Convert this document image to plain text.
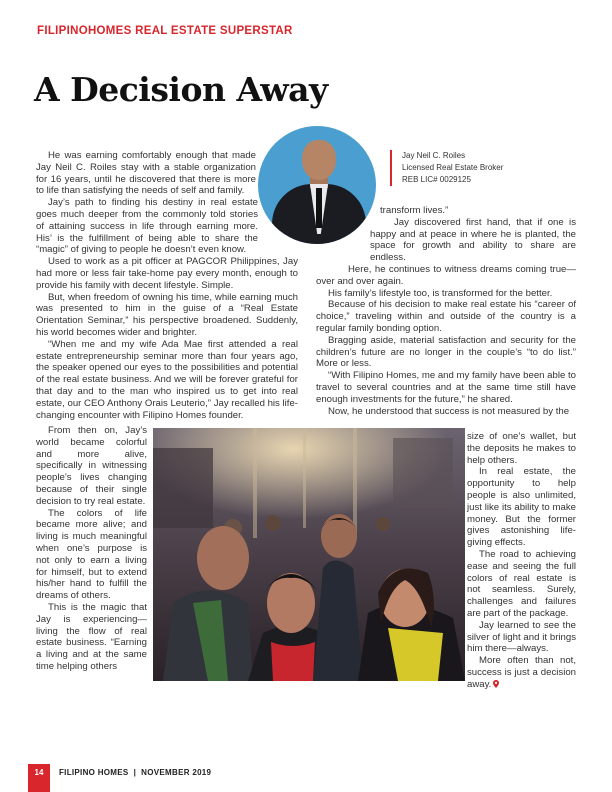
FILIPINOHOMES REAL ESTATE SUPERSTAR
A Decision Away
Jay Neil C. Roiles
Licensed Real Estate Broker
REB LIC# 0029125

He was earning comfortably enough that made Jay Neil C. Roiles stay with a stable organization for 16 years, until he discovered that there is more to life than satisfying the needs of self and family.

Jay’s path to finding his destiny in real estate goes much deeper from the commonly told stories of attaining success in life through earning more. His’ is the fulfillment of being able to share the “magic” of giving to people he doesn’t even know.

Used to work as a pit officer at PAGCOR Philippines, Jay had more or less fair take-home pay every month, enough to provide his family with decent lifestyle. Simple.

But, when freedom of owning his time, while earning much was presented to him in the guise of a “Real Estate Orientation Seminar,” his perspective broadened. Suddenly, his world becomes wider and brighter.

“When me and my wife Ada Mae first attended a real estate entrepreneurship seminar more than four years ago, the speaker opened our eyes to the possibilities and potential of the real estate business. And we will be forever grateful for that day and to the man who inspired us to get into real estate, our CEO Anthony Orais Leuterio,” Jay recalled his life-changing encounter with Filipino Homes founder.

From then on, Jay’s world became colorful and more alive, specifically in witnessing people’s lives changing because of their single decision to try real estate.

The colors of life became more alive; and living is much meaningful when one’s purpose is not only to earn a living for himself, but to extend his/her hand to fulfill the dreams of others.

This is the magic that Jay is experiencing—living the flow of real estate business. “Earning a living and at the same time helping others

transform lives.”

Jay discovered first hand, that if one is happy and at peace in where he is planted, the space for growth and ability to share are endless.

Here, he continues to witness dreams coming true—over and over again.

His family’s lifestyle too, is transformed for the better.

Because of his decision to make real estate his “career of choice,” traveling within and outside of the country is a regular family bonding option.

Bragging aside, material satisfaction and security for the children’s future are no longer in the couple’s “to do list.” More or less.

“With Filipino Homes, me and my family have been able to travel to several countries and at the same time still have enough investments for the future,” he shared.

Now, he understood that success is not measured by the

size of one’s wallet, but the deposits he makes to help others.

In real estate, the opportunity to help people is also unlimited, just like its ability to make money. But the former gives astonishing life-giving effects.

The road to achieving ease and seeing the full colors of real estate is not seamless. Surely, challenges and failures are part of the package.

Jay learned to see the silver of light and it brings him there—always.

More often than not, success is just a decision away.

14	FILIPINO HOMES  |  NOVEMBER 2019
